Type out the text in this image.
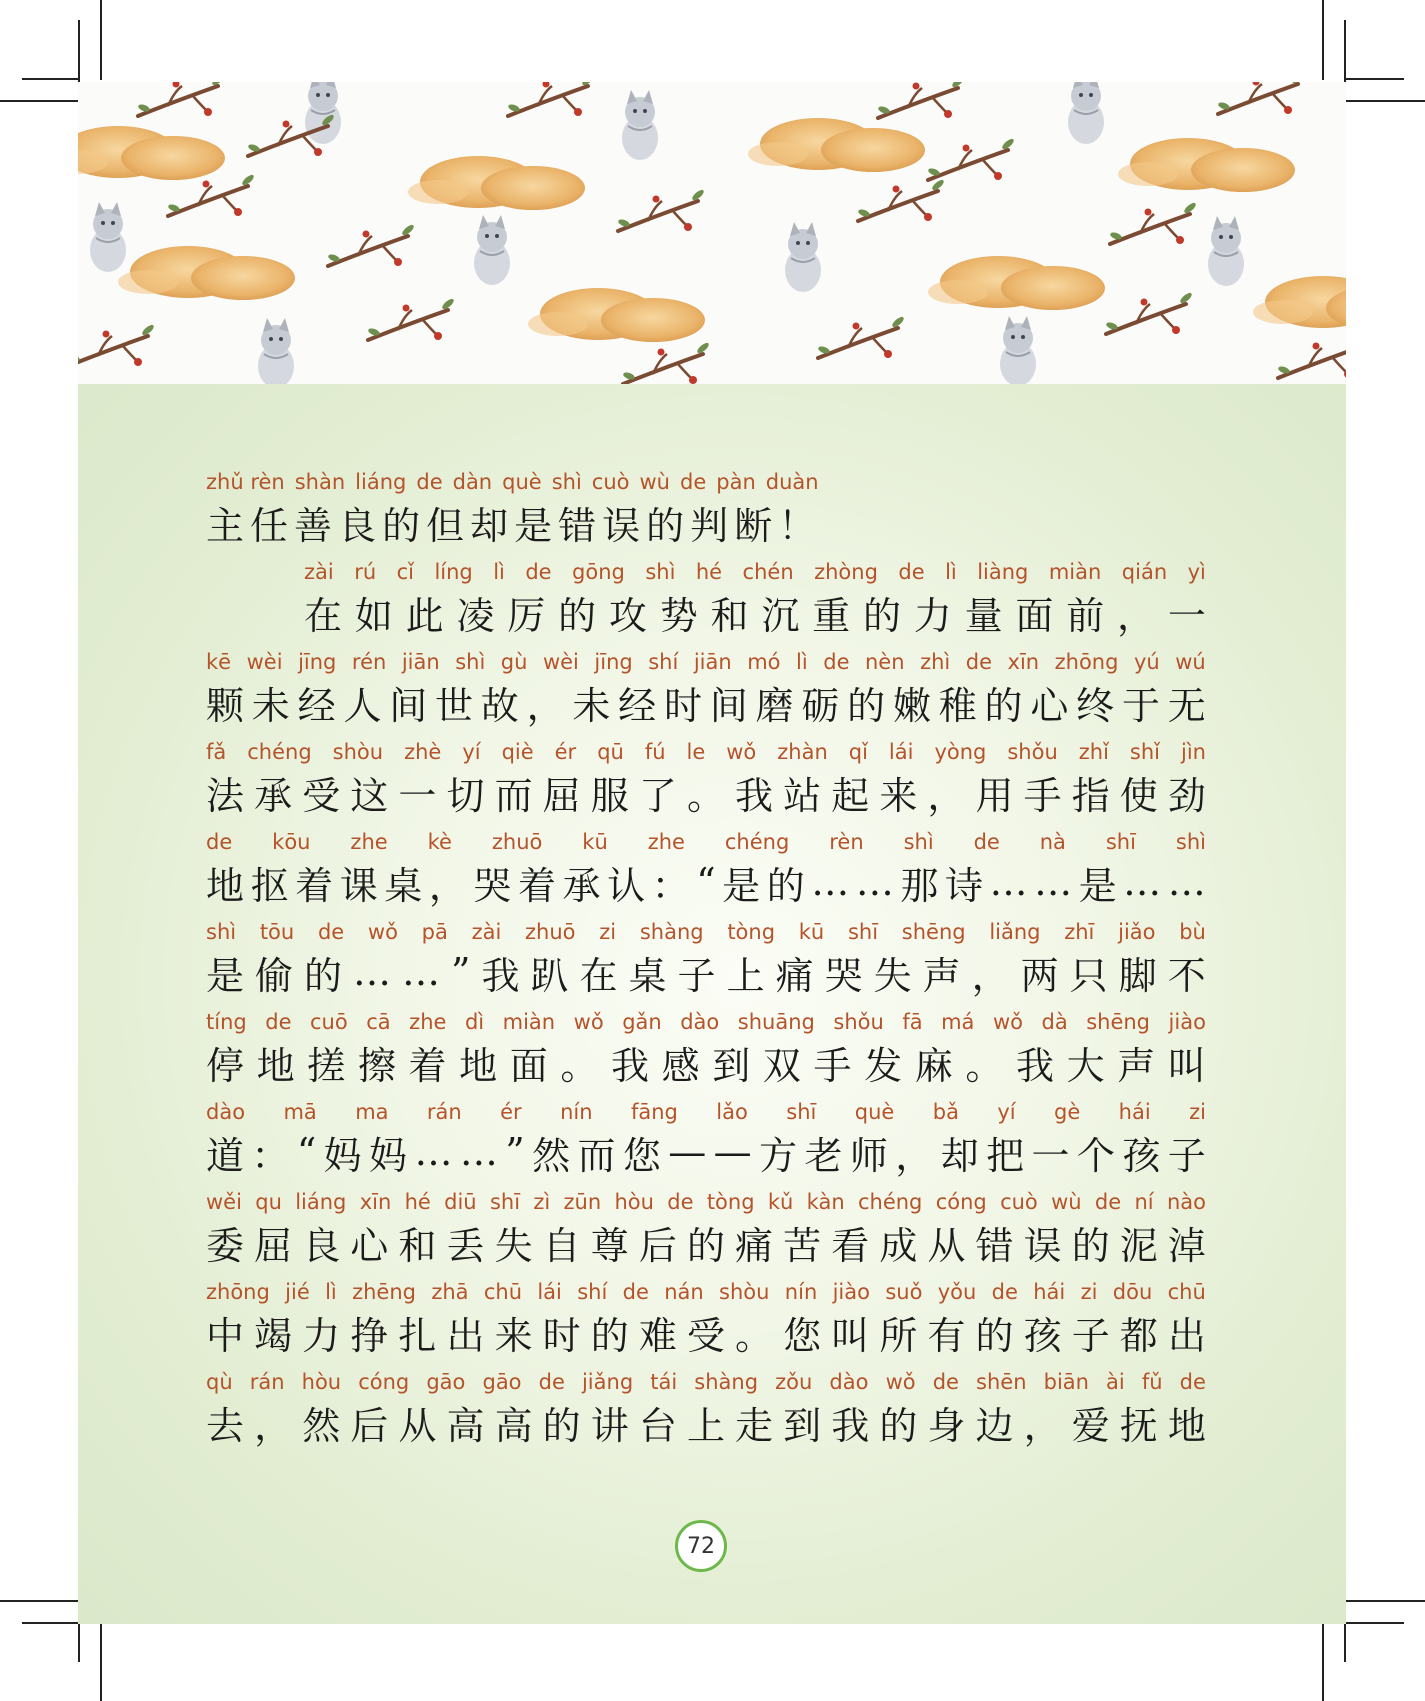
zhǔ rèn shàn liáng de dàn què shì cuò wù de pàn duàn
主 任 善 良 的 但 却 是 错 误 的 判 断 ！
zài rú cǐ líng lì de gōng shì hé chén zhòng de lì liàng miàn qián yì
在 如 此 凌 厉 的 攻 势 和 沉 重 的 力 量 面 前 ， 一
kē wèi jīng rén jiān shì gù wèi jīng shí jiān mó lì de nèn zhì de xīn zhōng yú wú
颗 未 经 人 间 世 故 ， 未 经 时 间 磨 砺 的 嫩 稚 的 心 终 于 无
fǎ chéng shòu zhè yí qiè ér qū fú le wǒ zhàn qǐ lái yòng shǒu zhǐ shǐ jìn
法 承 受 这 一 切 而 屈 服 了 。 我 站 起 来 ， 用 手 指 使 劲
de kōu zhe kè zhuō kū zhe chéng rèn shì de nà shī shì
地 抠 着 课 桌 ， 哭 着 承 认 ： “ 是 的 … … 那 诗 … … 是 … …
shì tōu de wǒ pā zài zhuō zi shàng tòng kū shī shēng liǎng zhī jiǎo bù
是 偷 的 … … ” 我 趴 在 桌 子 上 痛 哭 失 声 ， 两 只 脚 不
tíng de cuō cā zhe dì miàn wǒ gǎn dào shuāng shǒu fā má wǒ dà shēng jiào
停 地 搓 擦 着 地 面 。 我 感 到 双 手 发 麻 。 我 大 声 叫
dào mā ma rán ér nín fāng lǎo shī què bǎ yí gè hái zi
道 ： “ 妈 妈 … … ” 然 而 您 — — 方 老 师 ， 却 把 一 个 孩 子
wěi qu liáng xīn hé diū shī zì zūn hòu de tòng kǔ kàn chéng cóng cuò wù de ní nào
委 屈 良 心 和 丢 失 自 尊 后 的 痛 苦 看 成 从 错 误 的 泥 淖
zhōng jié lì zhēng zhā chū lái shí de nán shòu nín jiào suǒ yǒu de hái zi dōu chū
中 竭 力 挣 扎 出 来 时 的 难 受 。 您 叫 所 有 的 孩 子 都 出
qù rán hòu cóng gāo gāo de jiǎng tái shàng zǒu dào wǒ de shēn biān ài fǔ de
去 ， 然 后 从 高 高 的 讲 台 上 走 到 我 的 身 边 ， 爱 抚 地
72
